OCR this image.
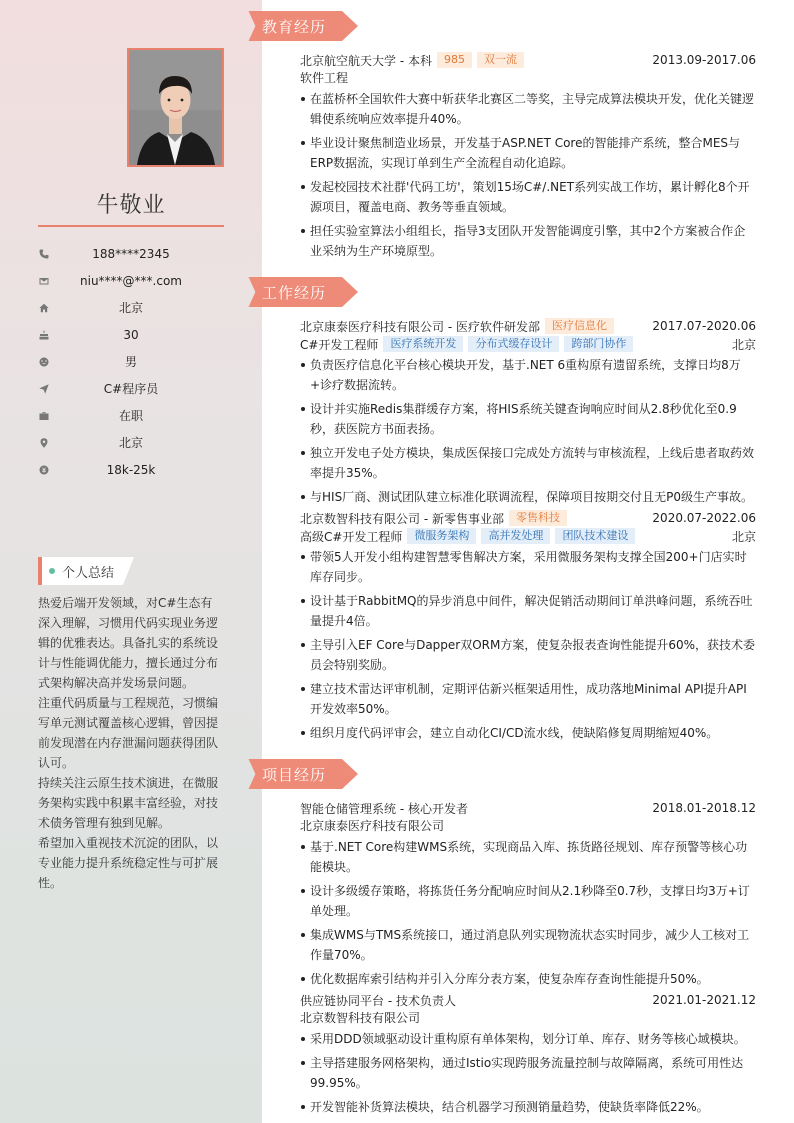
牛敬业
188****2345
niu****@***.com
北京
30
男
C#程序员
在职
北京
18k-25k
个人总结

热爱后端开发领域，对C#生态有深入理解，习惯用代码实现业务逻辑的优雅表达。具备扎实的系统设计与性能调优能力，擅长通过分布式架构解决高并发场景问题。

注重代码质量与工程规范，习惯编写单元测试覆盖核心逻辑，曾因提前发现潜在内存泄漏问题获得团队认可。

持续关注云原生技术演进，在微服务架构实践中积累丰富经验，对技术债务管理有独到见解。

希望加入重视技术沉淀的团队，以专业能力提升系统稳定性与可扩展性。

教育经历
北京航空航天大学 - 本科	985	双一流	2013.09-2017.06
软件工程
在蓝桥杯全国软件大赛中斩获华北赛区二等奖，主导完成算法模块开发，优化关键逻辑使系统响应效率提升40%。
毕业设计聚焦制造业场景，开发基于ASP.NET Core的智能排产系统，整合MES与ERP数据流，实现订单到生产全流程自动化追踪。
发起校园技术社群'代码工坊'，策划15场C#/.NET系列实战工作坊，累计孵化8个开源项目，覆盖电商、教务等垂直领域。
担任实验室算法小组组长，指导3支团队开发智能调度引擎，其中2个方案被合作企业采纳为生产环境原型。
工作经历
北京康泰医疗科技有限公司 - 医疗软件研发部	医疗信息化	2017.07-2020.06
C#开发工程师	医疗系统开发	分布式缓存设计	跨部门协作	北京
负责医疗信息化平台核心模块开发，基于.NET 6重构原有遗留系统，支撑日均8万+诊疗数据流转。
设计并实施Redis集群缓存方案，将HIS系统关键查询响应时间从2.8秒优化至0.9秒，获医院方书面表扬。
独立开发电子处方模块，集成医保接口完成处方流转与审核流程，上线后患者取药效率提升35%。
与HIS厂商、测试团队建立标准化联调流程，保障项目按期交付且无P0级生产事故。
北京数智科技有限公司 - 新零售事业部	零售科技	2020.07-2022.06
高级C#开发工程师	微服务架构	高并发处理	团队技术建设	北京
带领5人开发小组构建智慧零售解决方案，采用微服务架构支撑全国200+门店实时库存同步。
设计基于RabbitMQ的异步消息中间件，解决促销活动期间订单洪峰问题，系统吞吐量提升4倍。
主导引入EF Core与Dapper双ORM方案，使复杂报表查询性能提升60%，获技术委员会特别奖励。
建立技术雷达评审机制，定期评估新兴框架适用性，成功落地Minimal API提升API开发效率50%。
组织月度代码评审会，建立自动化CI/CD流水线，使缺陷修复周期缩短40%。
项目经历
智能仓储管理系统 - 核心开发者	2018.01-2018.12
北京康泰医疗科技有限公司
基于.NET Core构建WMS系统，实现商品入库、拣货路径规划、库存预警等核心功能模块。
设计多级缓存策略，将拣货任务分配响应时间从2.1秒降至0.7秒，支撑日均3万+订单处理。
集成WMS与TMS系统接口，通过消息队列实现物流状态实时同步，减少人工核对工作量70%。
优化数据库索引结构并引入分库分表方案，使复杂库存查询性能提升50%。
供应链协同平台 - 技术负责人	2021.01-2021.12
北京数智科技有限公司
采用DDD领域驱动设计重构原有单体架构，划分订单、库存、财务等核心域模块。
主导搭建服务网格架构，通过Istio实现跨服务流量控制与故障隔离，系统可用性达99.95%。
开发智能补货算法模块，结合机器学习预测销量趋势，使缺货率降低22%。
